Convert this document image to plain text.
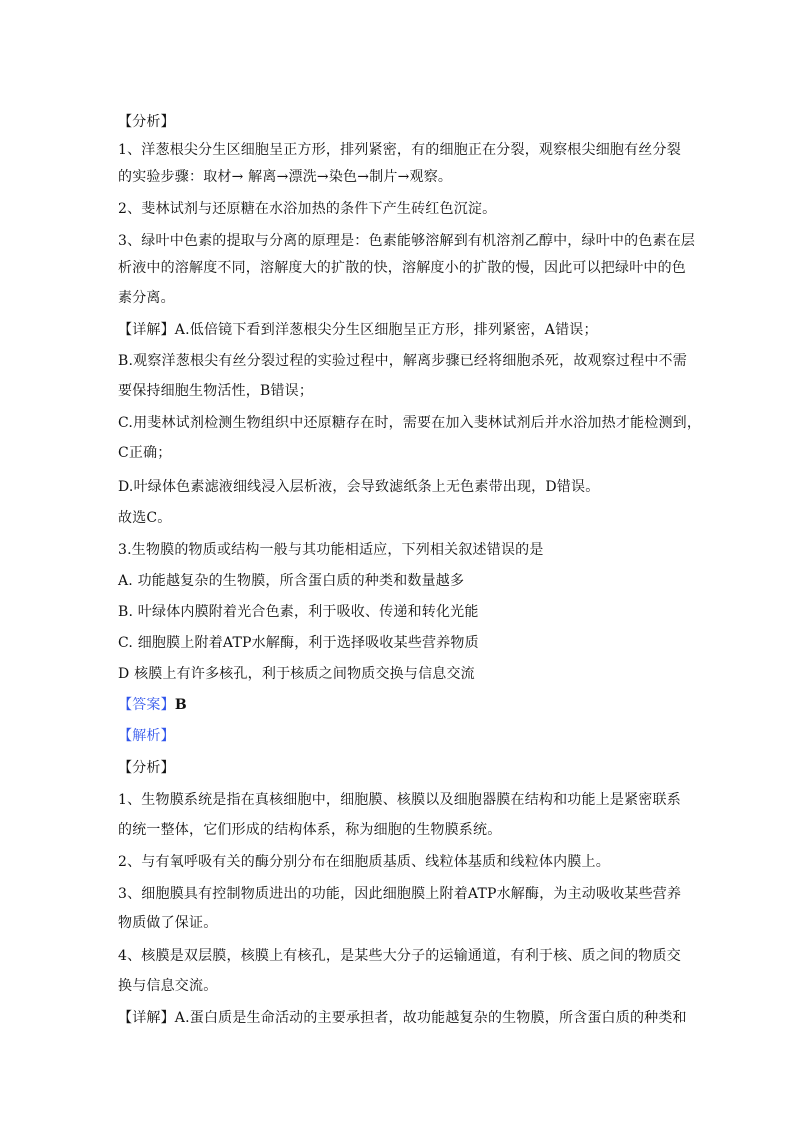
【分析】
1、洋葱根尖分生区细胞呈正方形，排列紧密，有的细胞正在分裂，观察根尖细胞有丝分裂
的实验步骤：取材→ 解离→漂洗→染色→制片→观察。
2、斐林试剂与还原糖在水浴加热的条件下产生砖红色沉淀。
3、绿叶中色素的提取与分离的原理是：色素能够溶解到有机溶剂乙醇中，绿叶中的色素在层
析液中的溶解度不同，溶解度大的扩散的快，溶解度小的扩散的慢，因此可以把绿叶中的色
素分离。
【详解】A.低倍镜下看到洋葱根尖分生区细胞呈正方形，排列紧密，A错误；
B.观察洋葱根尖有丝分裂过程的实验过程中，解离步骤已经将细胞杀死，故观察过程中不需
要保持细胞生物活性，B错误；
C.用斐林试剂检测生物组织中还原糖存在时，需要在加入斐林试剂后并水浴加热才能检测到，
C正确；
D.叶绿体色素滤液细线浸入层析液，会导致滤纸条上无色素带出现，D错误。
故选C。
3.生物膜的物质或结构一般与其功能相适应，下列相关叙述错误的是
A. 功能越复杂的生物膜，所含蛋白质的种类和数量越多
B. 叶绿体内膜附着光合色素，利于吸收、传递和转化光能
C. 细胞膜上附着ATP水解酶，利于选择吸收某些营养物质
D 核膜上有许多核孔，利于核质之间物质交换与信息交流
【答案】B
【解析】
【分析】
1、生物膜系统是指在真核细胞中，细胞膜、核膜以及细胞器膜在结构和功能上是紧密联系
的统一整体，它们形成的结构体系，称为细胞的生物膜系统。
2、与有氧呼吸有关的酶分别分布在细胞质基质、线粒体基质和线粒体内膜上。
3、细胞膜具有控制物质进出的功能，因此细胞膜上附着ATP水解酶，为主动吸收某些营养
物质做了保证。
4、核膜是双层膜，核膜上有核孔，是某些大分子的运输通道，有利于核、质之间的物质交
换与信息交流。
【详解】A.蛋白质是生命活动的主要承担者，故功能越复杂的生物膜，所含蛋白质的种类和
